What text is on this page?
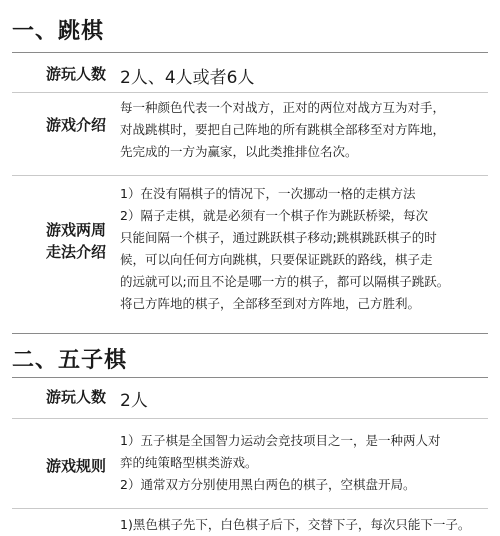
一、跳棋
游玩人数 2人、4人或者6人
游戏介绍
每一种颜色代表一个对战方，正对的两位对战方互为对手，
对战跳棋时，要把自己阵地的所有跳棋全部移至对方阵地，
先完成的一方为赢家，以此类推排位名次。
游戏两周
走法介绍
1）在没有隔棋子的情况下，一次挪动一格的走棋方法
2）隔子走棋，就是必须有一个棋子作为跳跃桥梁，每次
只能间隔一个棋子，通过跳跃棋子移动;跳棋跳跃棋子的时
候，可以向任何方向跳棋，只要保证跳跃的路线，棋子走
的远就可以;而且不论是哪一方的棋子，都可以隔棋子跳跃。
将己方阵地的棋子，全部移至到对方阵地，己方胜利。
二、五子棋
游玩人数 2人
游戏规则
1）五子棋是全国智力运动会竞技项目之一，是一种两人对
弈的纯策略型棋类游戏。
2）通常双方分别使用黑白两色的棋子，空棋盘开局。
1)黑色棋子先下，白色棋子后下，交替下子，每次只能下一子。
